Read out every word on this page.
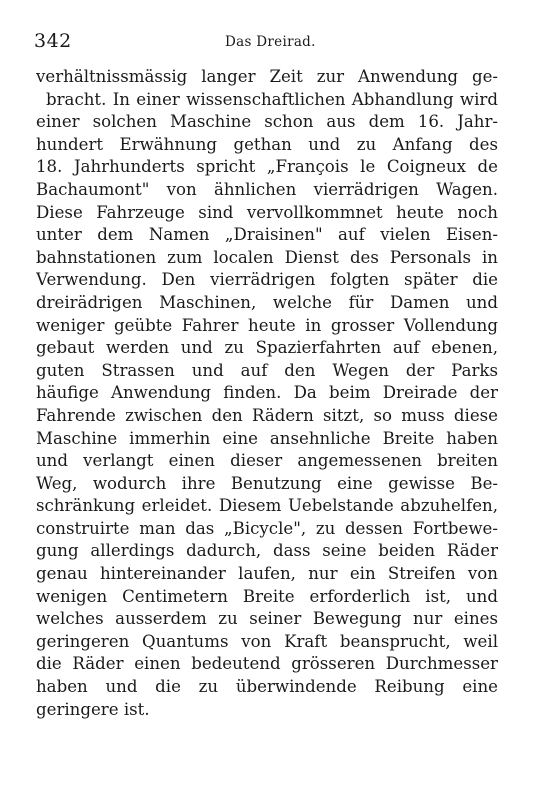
342	Das Dreirad.
verhältnissmässig langer Zeit zur Anwendung ge-
bracht. In einer wissenschaftlichen Abhandlung wird
einer solchen Maschine schon aus dem 16. Jahr-
hundert Erwähnung gethan und zu Anfang des
18. Jahrhunderts spricht „François le Coigneux de
Bachaumont" von ähnlichen vierrädrigen Wagen.
Diese Fahrzeuge sind vervollkommnet heute noch
unter dem Namen „Draisinen" auf vielen Eisen-
bahnstationen zum localen Dienst des Personals in
Verwendung. Den vierrädrigen folgten später die
dreirädrigen Maschinen, welche für Damen und
weniger geübte Fahrer heute in grosser Vollendung
gebaut werden und zu Spazierfahrten auf ebenen,
guten Strassen und auf den Wegen der Parks
häufige Anwendung finden. Da beim Dreirade der
Fahrende zwischen den Rädern sitzt, so muss diese
Maschine immerhin eine ansehnliche Breite haben
und verlangt einen dieser angemessenen breiten
Weg, wodurch ihre Benutzung eine gewisse Be-
schränkung erleidet. Diesem Uebelstande abzuhelfen,
construirte man das „Bicycle", zu dessen Fortbewe-
gung allerdings dadurch, dass seine beiden Räder
genau hintereinander laufen, nur ein Streifen von
wenigen Centimetern Breite erforderlich ist, und
welches ausserdem zu seiner Bewegung nur eines
geringeren Quantums von Kraft beansprucht, weil
die Räder einen bedeutend grösseren Durchmesser
haben und die zu überwindende Reibung eine
geringere ist.
